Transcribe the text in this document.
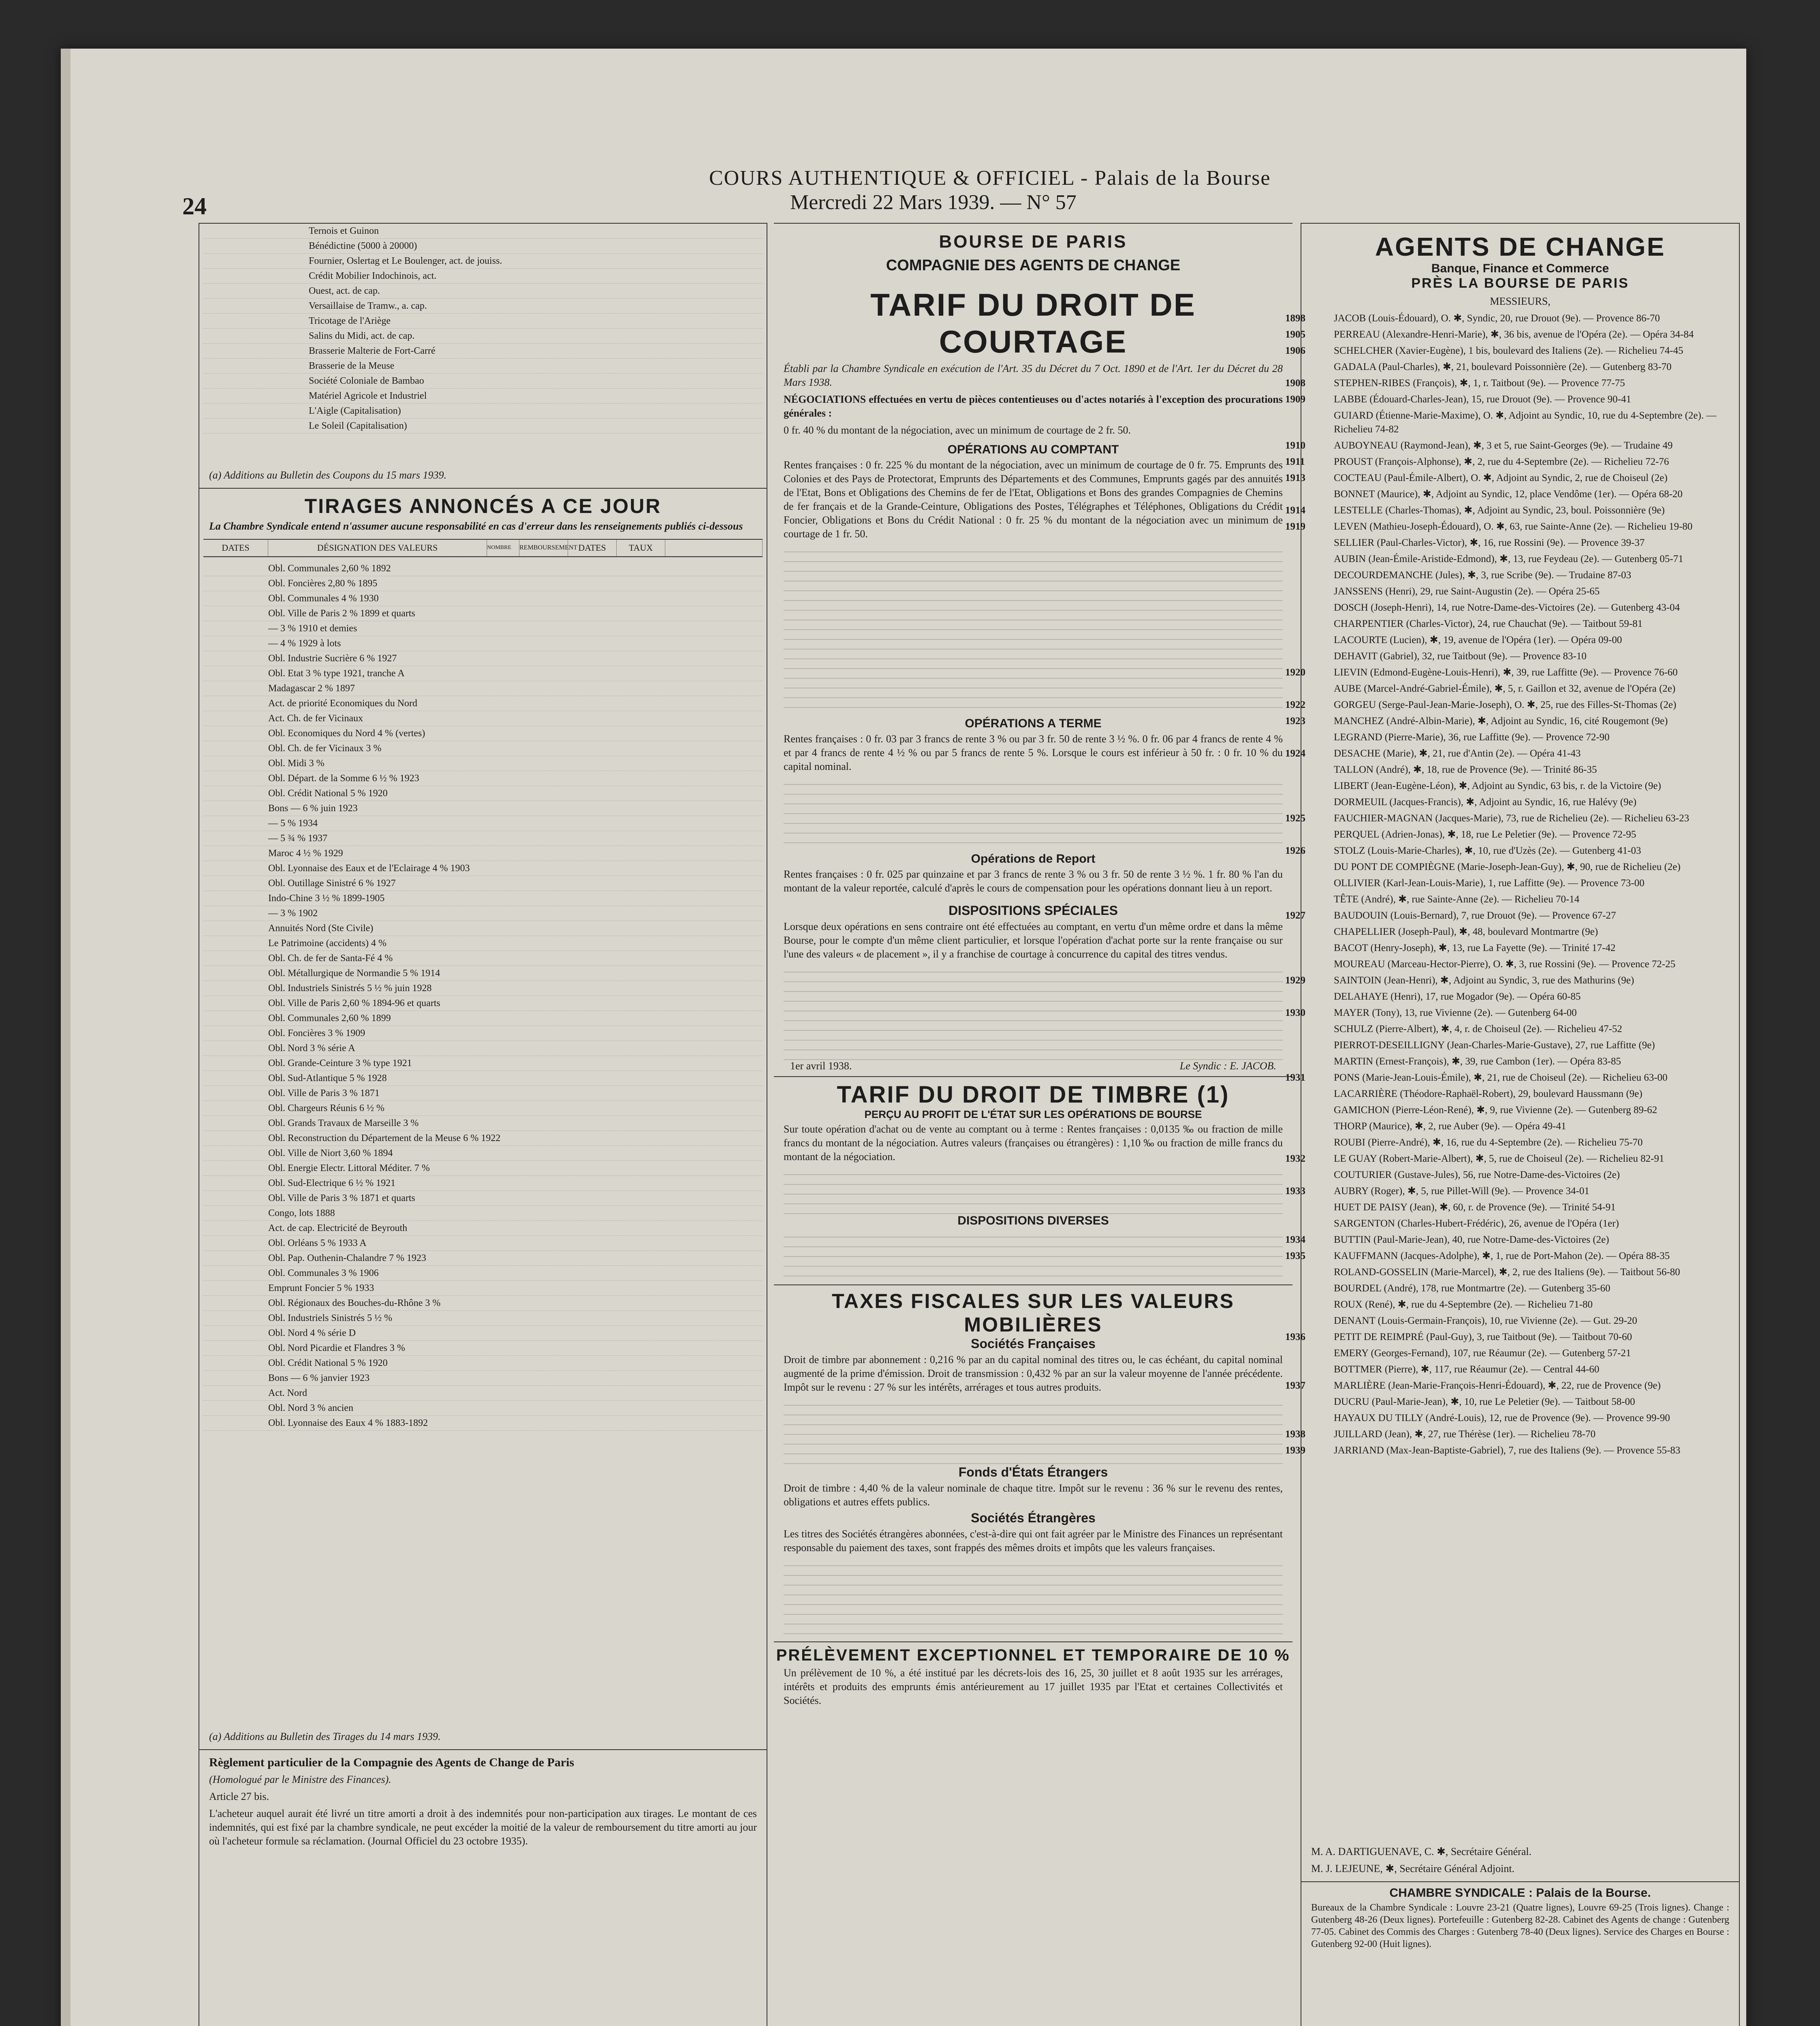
24
COURS AUTHENTIQUE & OFFICIEL - Palais de la Bourse
Mercredi 22 Mars 1939. — N° 57
Ternois et Guinon
Bénédictine (5000 à 20000)
Fournier, Oslertag et Le Boulenger, act. de jouiss.
Crédit Mobilier Indochinois, act.
Ouest, act. de cap.
Versaillaise de Tramw., a. cap.
Tricotage de l'Ariège
Salins du Midi, act. de cap.
Brasserie Malterie de Fort-Carré
Brasserie de la Meuse
Société Coloniale de Bambao
Matériel Agricole et Industriel
L'Aigle (Capitalisation)
Le Soleil (Capitalisation)
(a) Additions au Bulletin des Coupons du 15 mars 1939.
TIRAGES ANNONCÉS A CE JOUR
La Chambre Syndicale entend n'assumer aucune responsabilité en cas d'erreur dans les renseignements publiés ci-dessous
DATES	DÉSIGNATION DES VALEURS	NOMBRE	REMBOURSEMENT DATES	TAUX
Obl. Communales 2,60 % 1892
Obl. Foncières 2,80 % 1895
Obl. Communales 4 % 1930
Obl. Ville de Paris 2 % 1899 et quarts
— 3 % 1910 et demies
— 4 % 1929 à lots
Obl. Industrie Sucrière 6 % 1927
Obl. Etat 3 % type 1921, tranche A
Madagascar 2 % 1897
Act. de priorité Economiques du Nord
Act. Ch. de fer Vicinaux
Obl. Economiques du Nord 4 % (vertes)
Obl. Ch. de fer Vicinaux 3 %
Obl. Midi 3 %
Obl. Départ. de la Somme 6 ½ % 1923
Obl. Crédit National 5 % 1920
Bons — 6 % juin 1923
— 5 % 1934
— 5 ¾ % 1937
Maroc 4 ½ % 1929
Obl. Lyonnaise des Eaux et de l'Eclairage 4 % 1903
Obl. Outillage Sinistré 6 % 1927
Indo-Chine 3 ½ % 1899-1905
— 3 % 1902
Annuités Nord (Ste Civile)
Le Patrimoine (accidents) 4 %
Obl. Ch. de fer de Santa-Fé 4 %
Obl. Métallurgique de Normandie 5 % 1914
Obl. Industriels Sinistrés 5 ½ % juin 1928
Obl. Ville de Paris 2,60 % 1894-96 et quarts
Obl. Communales 2,60 % 1899
Obl. Foncières 3 % 1909
Obl. Nord 3 % série A
Obl. Grande-Ceinture 3 % type 1921
Obl. Sud-Atlantique 5 % 1928
Obl. Ville de Paris 3 % 1871
Obl. Chargeurs Réunis 6 ½ %
Obl. Grands Travaux de Marseille 3 %
Obl. Reconstruction du Département de la Meuse 6 % 1922
Obl. Ville de Niort 3,60 % 1894
Obl. Energie Electr. Littoral Méditer. 7 %
Obl. Sud-Electrique 6 ½ % 1921
Obl. Ville de Paris 3 % 1871 et quarts
Congo, lots 1888
Act. de cap. Electricité de Beyrouth
Obl. Orléans 5 % 1933 A
Obl. Pap. Outhenin-Chalandre 7 % 1923
Obl. Communales 3 % 1906
Emprunt Foncier 5 % 1933
Obl. Régionaux des Bouches-du-Rhône 3 %
Obl. Industriels Sinistrés 5 ½ %
Obl. Nord 4 % série D
Obl. Nord Picardie et Flandres 3 %
Obl. Crédit National 5 % 1920
Bons — 6 % janvier 1923
Act. Nord
Obl. Nord 3 % ancien
Obl. Lyonnaise des Eaux 4 % 1883-1892
(a) Additions au Bulletin des Tirages du 14 mars 1939.
Règlement particulier de la Compagnie des Agents de Change de Paris
(Homologué par le Ministre des Finances).
Article 27 bis.
L'acheteur auquel aurait été livré un titre amorti a droit à des indemnités pour non-participation aux tirages. Le montant de ces indemnités, qui est fixé par la chambre syndicale, ne peut excéder la moitié de la valeur de remboursement du titre amorti au jour où l'acheteur formule sa réclamation. (Journal Officiel du 23 octobre 1935).
BOURSE DE PARIS
COMPAGNIE DES AGENTS DE CHANGE
TARIF DU DROIT DE COURTAGE
Établi par la Chambre Syndicale en exécution de l'Art. 35 du Décret du 7 Oct. 1890 et de l'Art. 1er du Décret du 28 Mars 1938.
NÉGOCIATIONS effectuées en vertu de pièces contentieuses ou d'actes notariés à l'exception des procurations générales :
0 fr. 40 % du montant de la négociation, avec un minimum de courtage de 2 fr. 50.
OPÉRATIONS AU COMPTANT
Rentes françaises : 0 fr. 225 % du montant de la négociation, avec un minimum de courtage de 0 fr. 75. Emprunts des Colonies et des Pays de Protectorat, Emprunts des Départements et des Communes, Emprunts gagés par des annuités de l'Etat, Bons et Obligations des Chemins de fer de l'Etat, Obligations et Bons des grandes Compagnies de Chemins de fer français et de la Grande-Ceinture, Obligations des Postes, Télégraphes et Téléphones, Obligations du Crédit Foncier, Obligations et Bons du Crédit National : 0 fr. 25 % du montant de la négociation avec un minimum de courtage de 1 fr. 50.
OPÉRATIONS A TERME
Rentes françaises : 0 fr. 03 par 3 francs de rente 3 % ou par 3 fr. 50 de rente 3 ½ %. 0 fr. 06 par 4 francs de rente 4 % et par 4 francs de rente 4 ½ % ou par 5 francs de rente 5 %. Lorsque le cours est inférieur à 50 fr. : 0 fr. 10 % du capital nominal.
Opérations de Report
Rentes françaises : 0 fr. 025 par quinzaine et par 3 francs de rente 3 % ou 3 fr. 50 de rente 3 ½ %. 1 fr. 80 % l'an du montant de la valeur reportée, calculé d'après le cours de compensation pour les opérations donnant lieu à un report.
DISPOSITIONS SPÉCIALES
Lorsque deux opérations en sens contraire ont été effectuées au comptant, en vertu d'un même ordre et dans la même Bourse, pour le compte d'un même client particulier, et lorsque l'opération d'achat porte sur la rente française ou sur l'une des valeurs « de placement », il y a franchise de courtage à concurrence du capital des titres vendus.
1er avril 1938.	Le Syndic : E. JACOB.
TARIF DU DROIT DE TIMBRE (1)
PERÇU AU PROFIT DE L'ÉTAT SUR LES OPÉRATIONS DE BOURSE
Sur toute opération d'achat ou de vente au comptant ou à terme : Rentes françaises : 0,0135 ‰ ou fraction de mille francs du montant de la négociation. Autres valeurs (françaises ou étrangères) : 1,10 ‰ ou fraction de mille francs du montant de la négociation.
DISPOSITIONS DIVERSES
TAXES FISCALES SUR LES VALEURS MOBILIÈRES
Sociétés Françaises
Droit de timbre par abonnement : 0,216 % par an du capital nominal des titres ou, le cas échéant, du capital nominal augmenté de la prime d'émission. Droit de transmission : 0,432 % par an sur la valeur moyenne de l'année précédente. Impôt sur le revenu : 27 % sur les intérêts, arrérages et tous autres produits.
Fonds d'États Étrangers
Droit de timbre : 4,40 % de la valeur nominale de chaque titre. Impôt sur le revenu : 36 % sur le revenu des rentes, obligations et autres effets publics.
Sociétés Étrangères
Les titres des Sociétés étrangères abonnées, c'est-à-dire qui ont fait agréer par le Ministre des Finances un représentant responsable du paiement des taxes, sont frappés des mêmes droits et impôts que les valeurs françaises.
PRÉLÈVEMENT EXCEPTIONNEL ET TEMPORAIRE DE 10 %
Un prélèvement de 10 %, a été institué par les décrets-lois des 16, 25, 30 juillet et 8 août 1935 sur les arrérages, intérêts et produits des emprunts émis antérieurement au 17 juillet 1935 par l'Etat et certaines Collectivités et Sociétés.
AGENTS DE CHANGE
Banque, Finance et Commerce
PRÈS LA BOURSE DE PARIS
MESSIEURS,
1898	JACOB (Louis-Édouard), O. ✱, Syndic, 20, rue Drouot (9e). — Provence 86-70
1905	PERREAU (Alexandre-Henri-Marie), ✱, 36 bis, avenue de l'Opéra (2e). — Opéra 34-84
1906	SCHELCHER (Xavier-Eugène), 1 bis, boulevard des Italiens (2e). — Richelieu 74-45
GADALA (Paul-Charles), ✱, 21, boulevard Poissonnière (2e). — Gutenberg 83-70
1908	STEPHEN-RIBES (François), ✱, 1, r. Taitbout (9e). — Provence 77-75
1909	LABBE (Édouard-Charles-Jean), 15, rue Drouot (9e). — Provence 90-41
GUIARD (Étienne-Marie-Maxime), O. ✱, Adjoint au Syndic, 10, rue du 4-Septembre (2e). — Richelieu 74-82
1910	AUBOYNEAU (Raymond-Jean), ✱, 3 et 5, rue Saint-Georges (9e). — Trudaine 49
1911	PROUST (François-Alphonse), ✱, 2, rue du 4-Septembre (2e). — Richelieu 72-76
1913	COCTEAU (Paul-Émile-Albert), O. ✱, Adjoint au Syndic, 2, rue de Choiseul (2e)
BONNET (Maurice), ✱, Adjoint au Syndic, 12, place Vendôme (1er). — Opéra 68-20
1914	LESTELLE (Charles-Thomas), ✱, Adjoint au Syndic, 23, boul. Poissonnière (9e)
1919	LEVEN (Mathieu-Joseph-Édouard), O. ✱, 63, rue Sainte-Anne (2e). — Richelieu 19-80
SELLIER (Paul-Charles-Victor), ✱, 16, rue Rossini (9e). — Provence 39-37
AUBIN (Jean-Émile-Aristide-Edmond), ✱, 13, rue Feydeau (2e). — Gutenberg 05-71
DECOURDEMANCHE (Jules), ✱, 3, rue Scribe (9e). — Trudaine 87-03
JANSSENS (Henri), 29, rue Saint-Augustin (2e). — Opéra 25-65
DOSCH (Joseph-Henri), 14, rue Notre-Dame-des-Victoires (2e). — Gutenberg 43-04
CHARPENTIER (Charles-Victor), 24, rue Chauchat (9e). — Taitbout 59-81
LACOURTE (Lucien), ✱, 19, avenue de l'Opéra (1er). — Opéra 09-00
DEHAVIT (Gabriel), 32, rue Taitbout (9e). — Provence 83-10
1920	LIEVIN (Edmond-Eugène-Louis-Henri), ✱, 39, rue Laffitte (9e). — Provence 76-60
AUBE (Marcel-André-Gabriel-Émile), ✱, 5, r. Gaillon et 32, avenue de l'Opéra (2e)
1922	GORGEU (Serge-Paul-Jean-Marie-Joseph), O. ✱, 25, rue des Filles-St-Thomas (2e)
1923	MANCHEZ (André-Albin-Marie), ✱, Adjoint au Syndic, 16, cité Rougemont (9e)
LEGRAND (Pierre-Marie), 36, rue Laffitte (9e). — Provence 72-90
1924	DESACHE (Marie), ✱, 21, rue d'Antin (2e). — Opéra 41-43
TALLON (André), ✱, 18, rue de Provence (9e). — Trinité 86-35
LIBERT (Jean-Eugène-Léon), ✱, Adjoint au Syndic, 63 bis, r. de la Victoire (9e)
DORMEUIL (Jacques-Francis), ✱, Adjoint au Syndic, 16, rue Halévy (9e)
1925	FAUCHIER-MAGNAN (Jacques-Marie), 73, rue de Richelieu (2e). — Richelieu 63-23
PERQUEL (Adrien-Jonas), ✱, 18, rue Le Peletier (9e). — Provence 72-95
1926	STOLZ (Louis-Marie-Charles), ✱, 10, rue d'Uzès (2e). — Gutenberg 41-03
DU PONT DE COMPIÈGNE (Marie-Joseph-Jean-Guy), ✱, 90, rue de Richelieu (2e)
OLLIVIER (Karl-Jean-Louis-Marie), 1, rue Laffitte (9e). — Provence 73-00
TÊTE (André), ✱, rue Sainte-Anne (2e). — Richelieu 70-14
1927	BAUDOUIN (Louis-Bernard), 7, rue Drouot (9e). — Provence 67-27
CHAPELLIER (Joseph-Paul), ✱, 48, boulevard Montmartre (9e)
BACOT (Henry-Joseph), ✱, 13, rue La Fayette (9e). — Trinité 17-42
MOUREAU (Marceau-Hector-Pierre), O. ✱, 3, rue Rossini (9e). — Provence 72-25
1929	SAINTOIN (Jean-Henri), ✱, Adjoint au Syndic, 3, rue des Mathurins (9e)
DELAHAYE (Henri), 17, rue Mogador (9e). — Opéra 60-85
1930	MAYER (Tony), 13, rue Vivienne (2e). — Gutenberg 64-00
SCHULZ (Pierre-Albert), ✱, 4, r. de Choiseul (2e). — Richelieu 47-52
PIERROT-DESEILLIGNY (Jean-Charles-Marie-Gustave), 27, rue Laffitte (9e)
MARTIN (Ernest-François), ✱, 39, rue Cambon (1er). — Opéra 83-85
1931	PONS (Marie-Jean-Louis-Émile), ✱, 21, rue de Choiseul (2e). — Richelieu 63-00
LACARRIÈRE (Théodore-Raphaël-Robert), 29, boulevard Haussmann (9e)
GAMICHON (Pierre-Léon-René), ✱, 9, rue Vivienne (2e). — Gutenberg 89-62
THORP (Maurice), ✱, 2, rue Auber (9e). — Opéra 49-41
ROUBI (Pierre-André), ✱, 16, rue du 4-Septembre (2e). — Richelieu 75-70
1932	LE GUAY (Robert-Marie-Albert), ✱, 5, rue de Choiseul (2e). — Richelieu 82-91
COUTURIER (Gustave-Jules), 56, rue Notre-Dame-des-Victoires (2e)
1933	AUBRY (Roger), ✱, 5, rue Pillet-Will (9e). — Provence 34-01
HUET DE PAISY (Jean), ✱, 60, r. de Provence (9e). — Trinité 54-91
SARGENTON (Charles-Hubert-Frédéric), 26, avenue de l'Opéra (1er)
1934	BUTTIN (Paul-Marie-Jean), 40, rue Notre-Dame-des-Victoires (2e)
1935	KAUFFMANN (Jacques-Adolphe), ✱, 1, rue de Port-Mahon (2e). — Opéra 88-35
ROLAND-GOSSELIN (Marie-Marcel), ✱, 2, rue des Italiens (9e). — Taitbout 56-80
BOURDEL (André), 178, rue Montmartre (2e). — Gutenberg 35-60
ROUX (René), ✱, rue du 4-Septembre (2e). — Richelieu 71-80
DENANT (Louis-Germain-François), 10, rue Vivienne (2e). — Gut. 29-20
1936	PETIT DE REIMPRÉ (Paul-Guy), 3, rue Taitbout (9e). — Taitbout 70-60
EMERY (Georges-Fernand), 107, rue Réaumur (2e). — Gutenberg 57-21
BOTTMER (Pierre), ✱, 117, rue Réaumur (2e). — Central 44-60
1937	MARLIÈRE (Jean-Marie-François-Henri-Édouard), ✱, 22, rue de Provence (9e)
DUCRU (Paul-Marie-Jean), ✱, 10, rue Le Peletier (9e). — Taitbout 58-00
HAYAUX DU TILLY (André-Louis), 12, rue de Provence (9e). — Provence 99-90
1938	JUILLARD (Jean), ✱, 27, rue Thérèse (1er). — Richelieu 78-70
1939	JARRIAND (Max-Jean-Baptiste-Gabriel), 7, rue des Italiens (9e). — Provence 55-83
M. A. DARTIGUENAVE, C. ✱, Secrétaire Général.
M. J. LEJEUNE, ✱, Secrétaire Général Adjoint.
CHAMBRE SYNDICALE : Palais de la Bourse.
Bureaux de la Chambre Syndicale : Louvre 23-21 (Quatre lignes), Louvre 69-25 (Trois lignes). Change : Gutenberg 48-26 (Deux lignes). Portefeuille : Gutenberg 82-28. Cabinet des Agents de change : Gutenberg 77-05. Cabinet des Commis des Charges : Gutenberg 78-40 (Deux lignes). Service des Charges en Bourse : Gutenberg 92-00 (Huit lignes).
